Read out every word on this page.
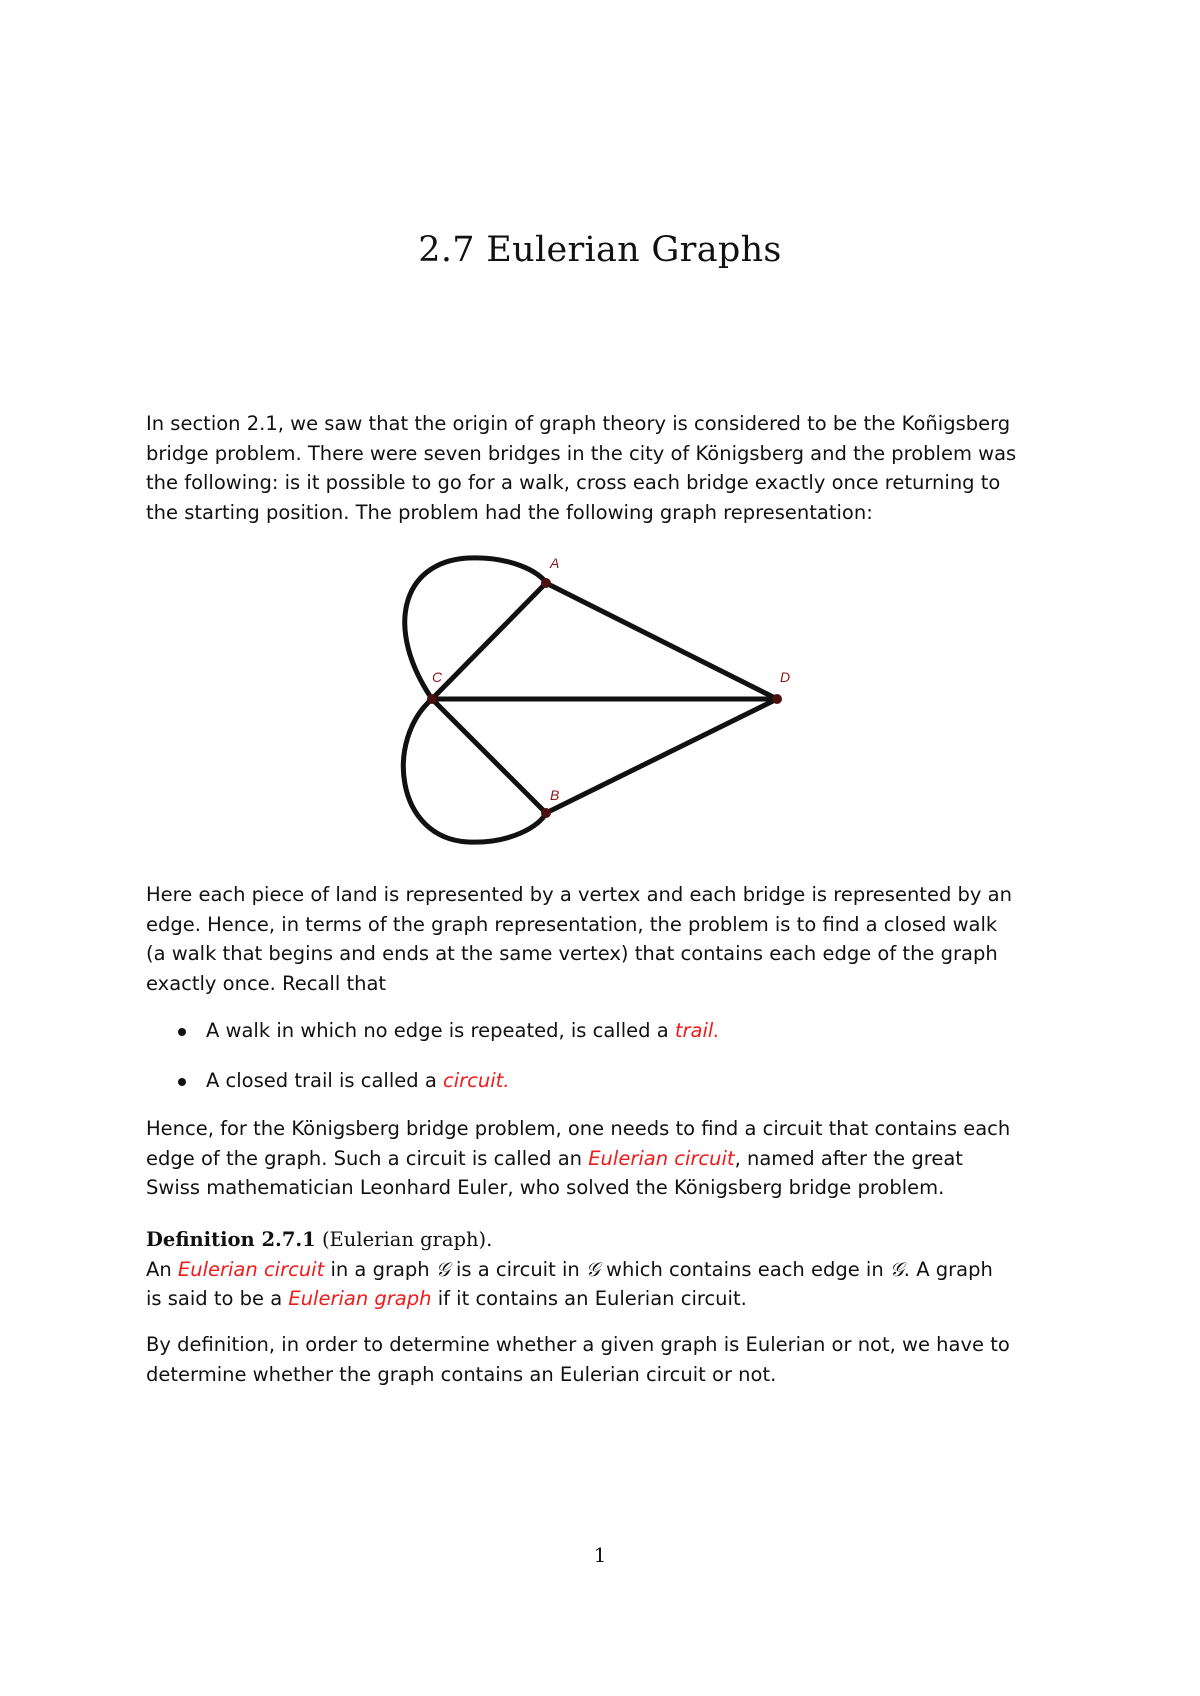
2.7 Eulerian Graphs
In section 2.1, we saw that the origin of graph theory is considered to be the Koñigsberg
bridge problem. There were seven bridges in the city of Königsberg and the problem was
the following: is it possible to go for a walk, cross each bridge exactly once returning to
the starting position. The problem had the following graph representation:
A
B
C	D
Here each piece of land is represented by a vertex and each bridge is represented by an
edge. Hence, in terms of the graph representation, the problem is to find a closed walk
(a walk that begins and ends at the same vertex) that contains each edge of the graph
exactly once. Recall that
A walk in which no edge is repeated, is called a trail.
A closed trail is called a circuit.
Hence, for the Königsberg bridge problem, one needs to find a circuit that contains each
edge of the graph. Such a circuit is called an Eulerian circuit, named after the great
Swiss mathematician Leonhard Euler, who solved the Königsberg bridge problem.
Definition 2.7.1 (Eulerian graph).
An Eulerian circuit in a graph 𝒢 is a circuit in 𝒢 which contains each edge in 𝒢. A graph
is said to be a Eulerian graph if it contains an Eulerian circuit.
By definition, in order to determine whether a given graph is Eulerian or not, we have to
determine whether the graph contains an Eulerian circuit or not.
1
